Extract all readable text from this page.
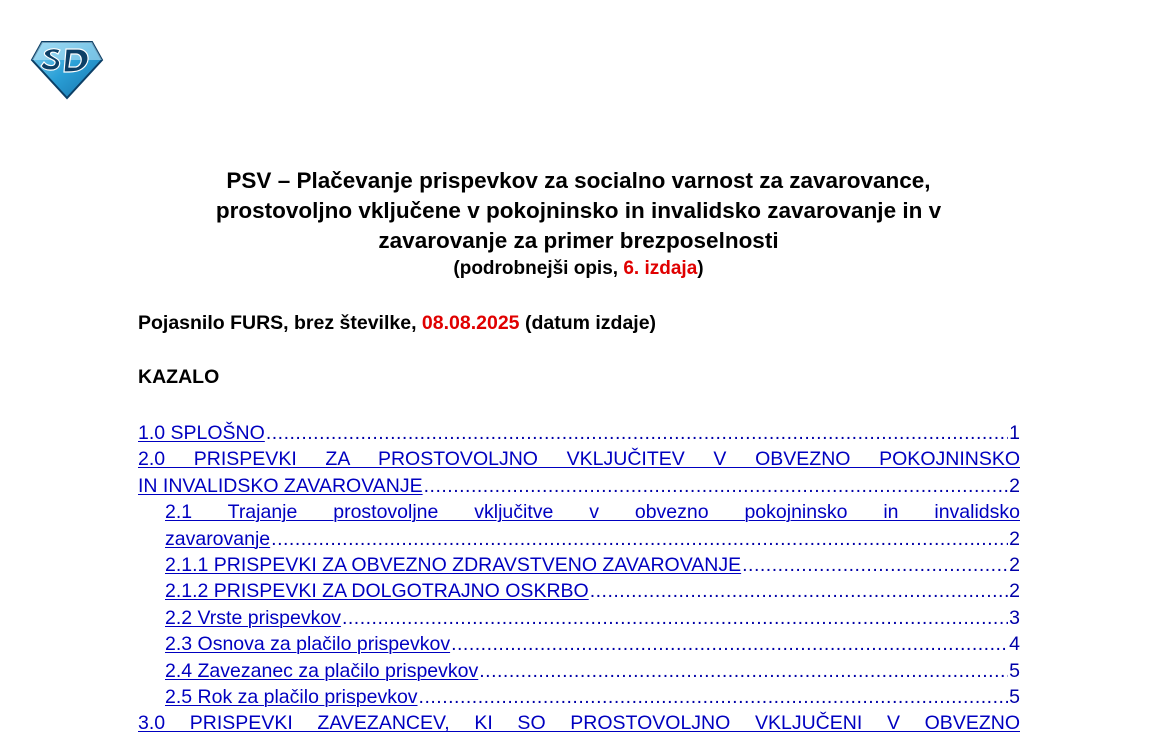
PSV – Plačevanje prispevkov za socialno varnost za zavarovance,
prostovoljno vključene v pokojninsko in invalidsko zavarovanje in v
zavarovanje za primer brezposelnosti
(podrobnejši opis, 6. izdaja)
Pojasnilo FURS, brez številke, 08.08.2025 (datum izdaje)
KAZALO
1.0 SPLOŠNO .....	1
2.0 PRISPEVKI ZA PROSTOVOLJNO VKLJUČITEV V OBVEZNO POKOJNINSKO
IN INVALIDSKO ZAVAROVANJE .....	2
2.1 Trajanje prostovoljne vključitve v obvezno pokojninsko in invalidsko
zavarovanje .....	2
2.1.1 PRISPEVKI ZA OBVEZNO ZDRAVSTVENO ZAVAROVANJE .....	2
2.1.2 PRISPEVKI ZA DOLGOTRAJNO OSKRBO .....	2
2.2 Vrste prispevkov .....	3
2.3 Osnova za plačilo prispevkov .....	4
2.4 Zavezanec za plačilo prispevkov .....	5
2.5 Rok za plačilo prispevkov .....	5
3.0 PRISPEVKI ZAVEZANCEV, KI SO PROSTOVOLJNO VKLJUČENI V OBVEZNO
